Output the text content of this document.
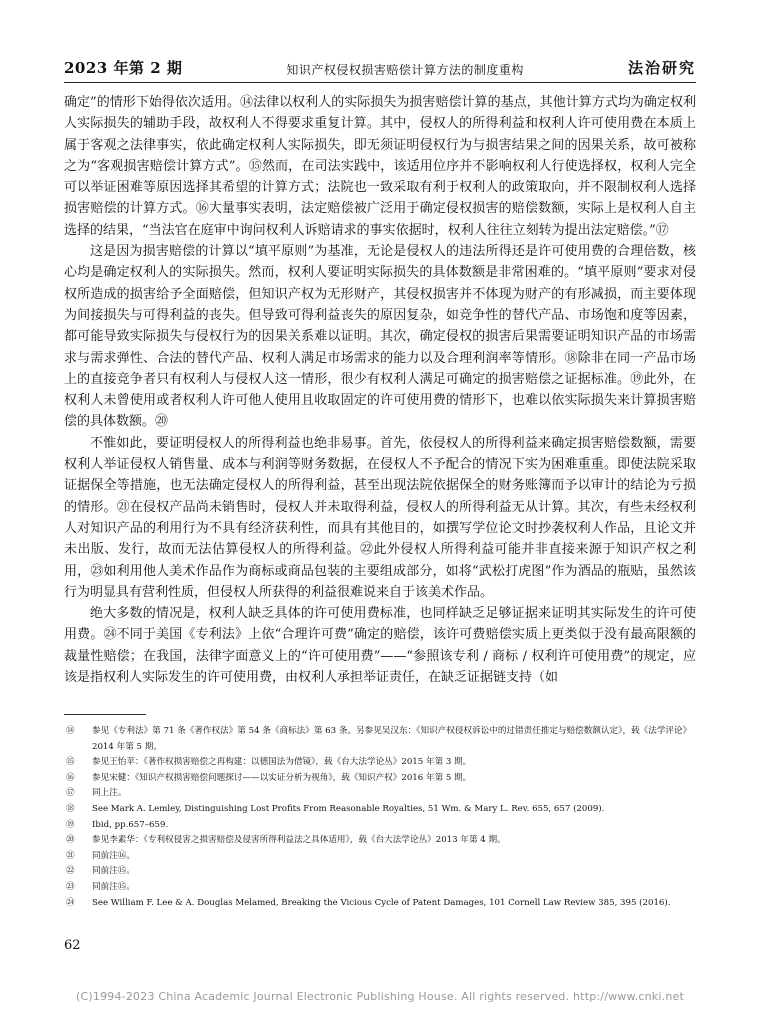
2023 年第 2 期	知识产权侵权损害赔偿计算方法的制度重构	法治研究

确定”的情形下始得依次适用。⑭法律以权利人的实际损失为损害赔偿计算的基点，其他计算方式均为确定权利人实际损失的辅助手段，故权利人不得要求重复计算。其中，侵权人的所得利益和权利人许可使用费在本质上属于客观之法律事实，依此确定权利人实际损失，即无须证明侵权行为与损害结果之间的因果关系，故可被称之为“客观损害赔偿计算方式”。⑮然而，在司法实践中，该适用位序并不影响权利人行使选择权，权利人完全可以举证困难等原因选择其希望的计算方式；法院也一致采取有利于权利人的政策取向，并不限制权利人选择损害赔偿的计算方式。⑯大量事实表明，法定赔偿被广泛用于确定侵权损害的赔偿数额，实际上是权利人自主选择的结果，“当法官在庭审中询问权利人诉赔请求的事实依据时，权利人往往立刻转为提出法定赔偿。”⑰

这是因为损害赔偿的计算以“填平原则”为基准，无论是侵权人的违法所得还是许可使用费的合理倍数，核心均是确定权利人的实际损失。然而，权利人要证明实际损失的具体数额是非常困难的。“填平原则”要求对侵权所造成的损害给予全面赔偿，但知识产权为无形财产，其侵权损害并不体现为财产的有形减损，而主要体现为间接损失与可得利益的丧失。但导致可得利益丧失的原因复杂，如竞争性的替代产品、市场饱和度等因素，都可能导致实际损失与侵权行为的因果关系难以证明。其次，确定侵权的损害后果需要证明知识产品的市场需求与需求弹性、合法的替代产品、权利人满足市场需求的能力以及合理利润率等情形。⑱除非在同一产品市场上的直接竞争者只有权利人与侵权人这一情形，很少有权利人满足可确定的损害赔偿之证据标准。⑲此外，在权利人未曾使用或者权利人许可他人使用且收取固定的许可使用费的情形下，也难以依实际损失来计算损害赔偿的具体数额。⑳

不惟如此，要证明侵权人的所得利益也绝非易事。首先，依侵权人的所得利益来确定损害赔偿数额，需要权利人举证侵权人销售量、成本与利润等财务数据，在侵权人不予配合的情况下实为困难重重。即使法院采取证据保全等措施，也无法确定侵权人的所得利益，甚至出现法院依据保全的财务账簿而予以审计的结论为亏损的情形。㉑在侵权产品尚未销售时，侵权人并未取得利益，侵权人的所得利益无从计算。其次，有些未经权利人对知识产品的利用行为不具有经济获利性，而具有其他目的，如撰写学位论文时抄袭权利人作品，且论文并未出版、发行，故而无法估算侵权人的所得利益。㉒此外侵权人所得利益可能并非直接来源于知识产权之利用，㉓如利用他人美术作品作为商标或商品包装的主要组成部分，如将“武松打虎图”作为酒品的瓶贴，虽然该行为明显具有营利性质，但侵权人所获得的利益很难说来自于该美术作品。

绝大多数的情况是，权利人缺乏具体的许可使用费标准，也同样缺乏足够证据来证明其实际发生的许可使用费。㉔不同于美国《专利法》上依“合理许可费”确定的赔偿，该许可费赔偿实质上更类似于没有最高限额的裁量性赔偿；在我国，法律字面意义上的“许可使用费”——“参照该专利 / 商标 / 权利许可使用费”的规定，应该是指权利人实际发生的许可使用费，由权利人承担举证责任，在缺乏证据链支持（如

⑭	参见《专利法》第 71 条《著作权法》第 54 条《商标法》第 63 条。另参见吴汉东：《知识产权侵权诉讼中的过错责任推定与赔偿数额认定》，载《法学评论》2014 年第 5 期。
⑮	参见王怡苹：《著作权损害赔偿之再构建：以德国法为借镜》，载《台大法学论丛》2015 年第 3 期。
⑯	参见宋健：《知识产权损害赔偿问题探讨——以实证分析为视角》，载《知识产权》2016 年第 5 期。
⑰	同上注。
⑱	See Mark A. Lemley, Distinguishing Lost Profits From Reasonable Royalties, 51 Wm. & Mary L. Rev. 655, 657 (2009).
⑲	Ibid, pp.657–659.
⑳	参见李素华：《专利权侵害之损害赔偿及侵害所得利益法之具体适用》，载《台大法学论丛》2013 年第 4 期。
㉑	同前注⑯。
㉒	同前注⑮。
㉓	同前注⑮。
㉔	See William F. Lee & A. Douglas Melamed, Breaking the Vicious Cycle of Patent Damages, 101 Cornell Law Review 385, 395 (2016).
62
(C)1994-2023 China Academic Journal Electronic Publishing House. All rights reserved. http://www.cnki.net
